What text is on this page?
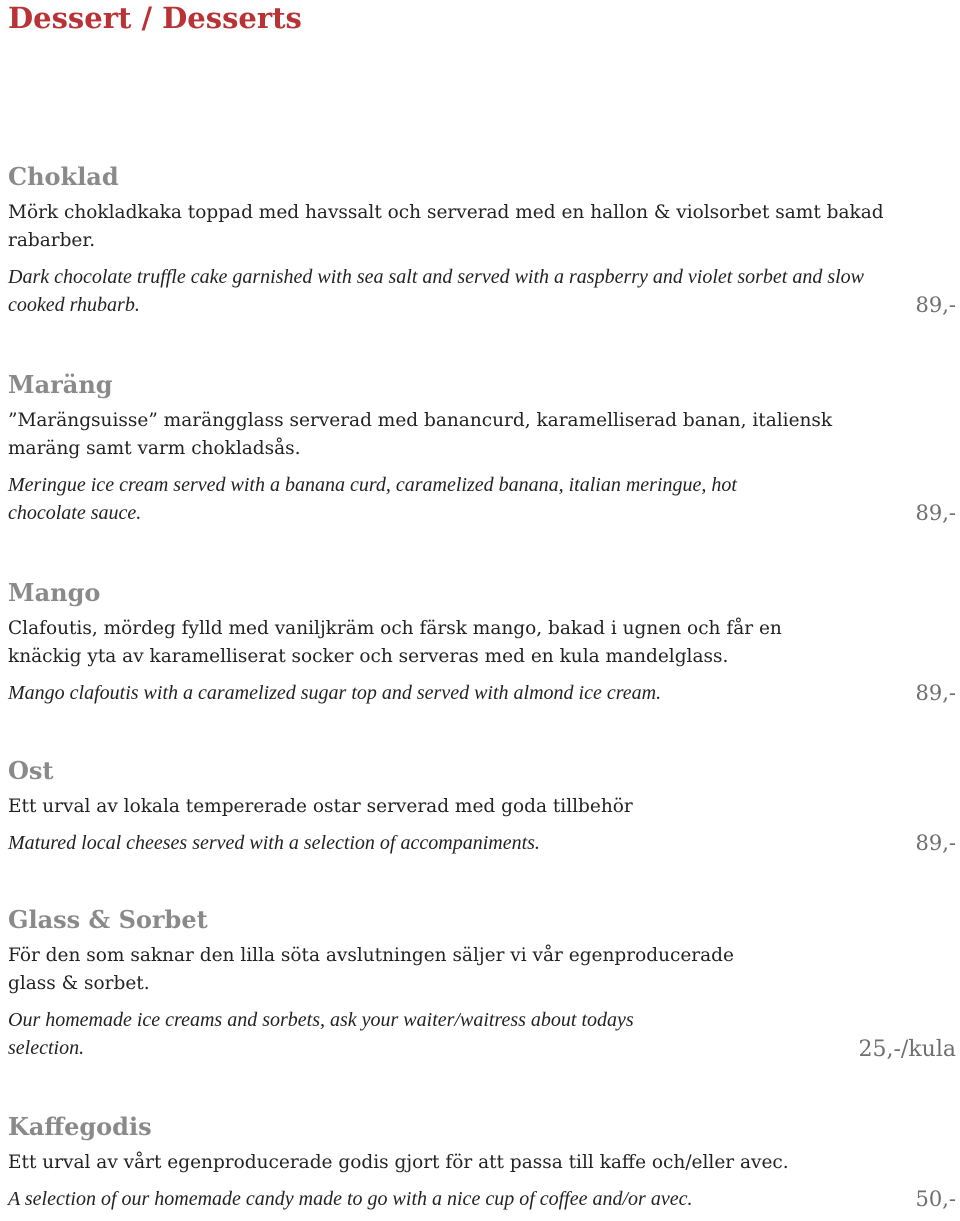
Dessert / Desserts
Choklad
Mörk chokladkaka toppad med havssalt och serverad med en hallon & violsorbet samt bakad rabarber.
Dark chocolate truffle cake garnished with sea salt and served with a raspberry and violet sorbet and slow cooked rhubarb.	89,-
Maräng
”Marängsuisse” marängglass serverad med banancurd, karamelliserad banan, italiensk maräng samt varm chokladsås.
Meringue ice cream served with a banana curd, caramelized banana, italian meringue, hot chocolate sauce.	89,-
Mango
Clafoutis, mördeg fylld med vaniljkräm och färsk mango, bakad i ugnen och får en knäckig yta av karamelliserat socker och serveras med en kula mandelglass.
Mango clafoutis with a caramelized sugar top and served with almond ice cream.	89,-
Ost
Ett urval av lokala tempererade ostar serverad med goda tillbehör
Matured local cheeses served with a selection of accompaniments.	89,-
Glass & Sorbet
För den som saknar den lilla söta avslutningen säljer vi vår egenproducerade glass & sorbet.
Our homemade ice creams and sorbets, ask your waiter/waitress about todays selection.	25,-/kula
Kaffegodis
Ett urval av vårt egenproducerade godis gjort för att passa till kaffe och/eller avec.
A selection of our homemade candy made to go with a nice cup of coffee and/or avec.	50,-
